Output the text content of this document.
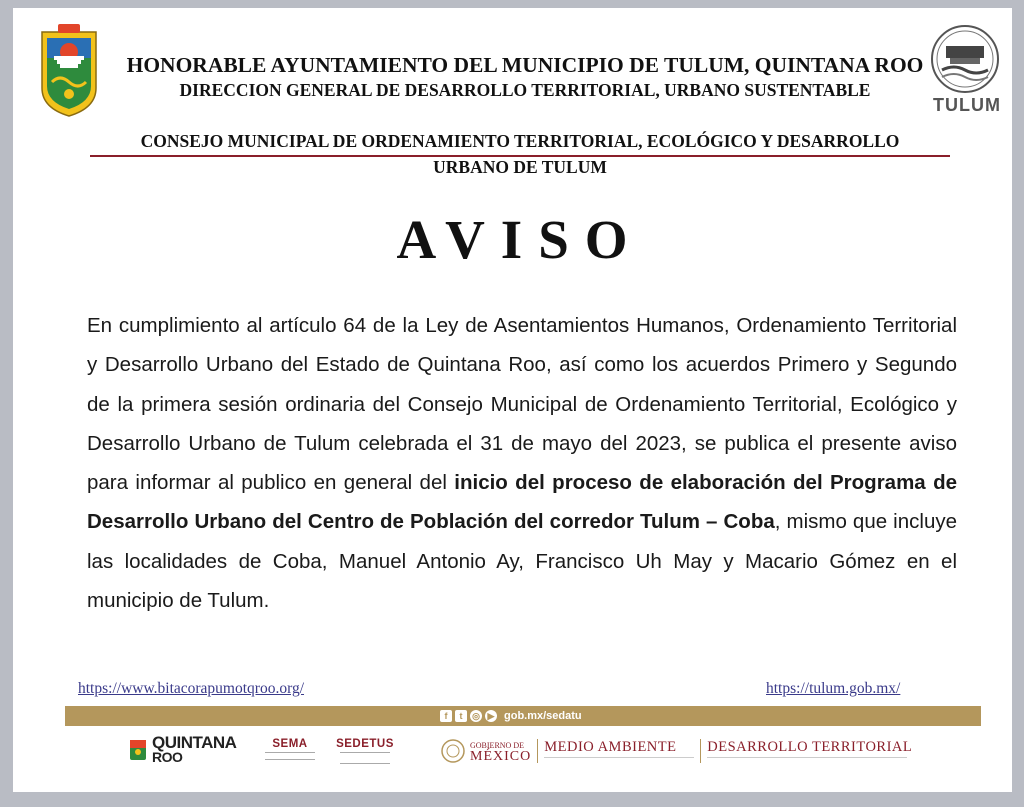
TULUM
HONORABLE AYUNTAMIENTO DEL MUNICIPIO DE TULUM, QUINTANA ROO
DIRECCION GENERAL DE DESARROLLO TERRITORIAL, URBANO SUSTENTABLE
CONSEJO MUNICIPAL DE ORDENAMIENTO TERRITORIAL, ECOLÓGICO Y DESARROLLO
URBANO DE TULUM
AVISO
En cumplimiento al artículo 64 de la Ley de Asentamientos Humanos, Ordenamiento Territorial y Desarrollo Urbano del Estado de Quintana Roo, así como los acuerdos Primero y Segundo de la primera sesión ordinaria del Consejo Municipal de Ordenamiento Territorial, Ecológico y Desarrollo Urbano de Tulum celebrada el 31 de mayo del 2023, se publica el presente aviso para informar al publico en general del inicio del proceso de elaboración del Programa de Desarrollo Urbano del Centro de Población del corredor Tulum – Coba, mismo que incluye las localidades de Coba, Manuel Antonio Ay, Francisco Uh May y Macario Gómez en el municipio de Tulum.
https://www.bitacorapumotqroo.org/	https://tulum.gob.mx/
f	t	◎ ▶ gob.mx/sedatu
QUINTANA
ROO
SEMA	SEDETUS	GOBIERNO DE
MÉXICO
MEDIO AMBIENTE	DESARROLLO TERRITORIAL
